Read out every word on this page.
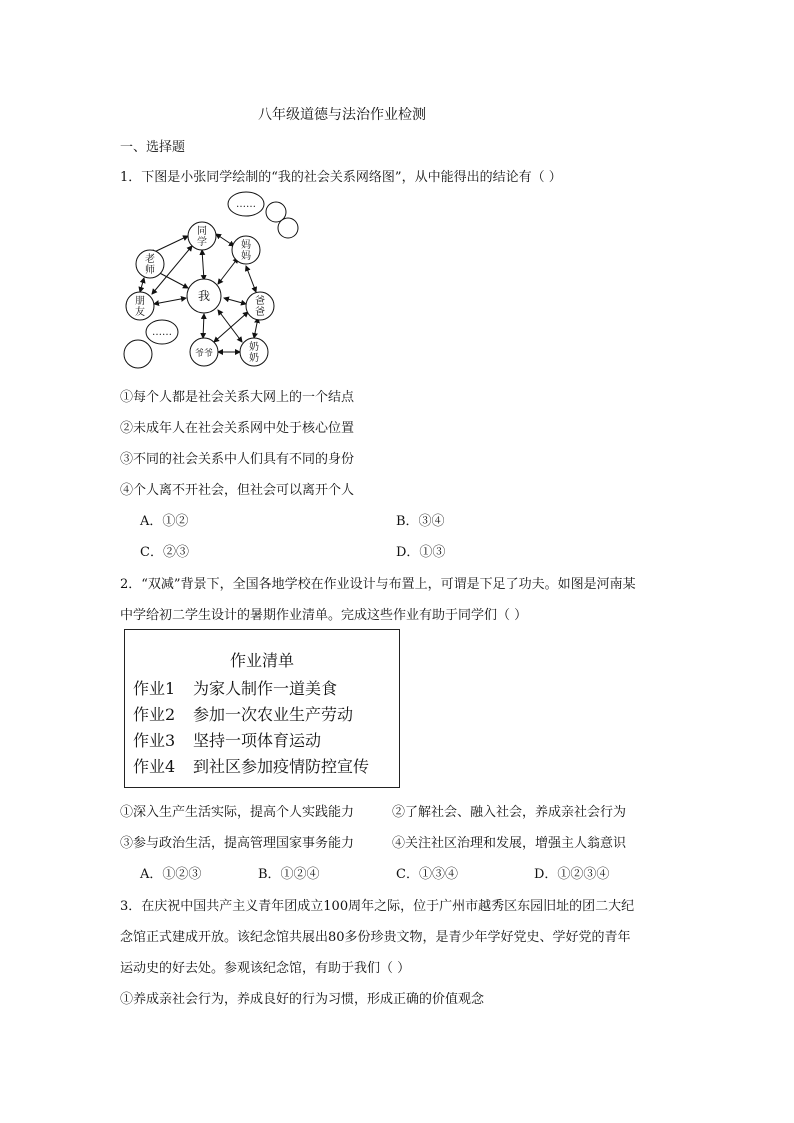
八年级道德与法治作业检测
一、选择题
1．下图是小张同学绘制的“我的社会关系网络图”，从中能得出的结论有（ ）
……
同
学
老
师
妈
妈
我
朋
友
爸
爸
……
爷爷
奶
奶
①每个人都是社会关系大网上的一个结点
②未成年人在社会关系网中处于核心位置
③不同的社会关系中人们具有不同的身份
④个人离不开社会，但社会可以离开个人
A．①②	B．③④
C．②③	D．①③
2．“双减”背景下，全国各地学校在作业设计与布置上，可谓是下足了功夫。如图是河南某
中学给初二学生设计的暑期作业清单。完成这些作业有助于同学们（ ）
作业清单
作业1 为家人制作一道美食
作业2 参加一次农业生产劳动
作业3 坚持一项体育运动
作业4 到社区参加疫情防控宣传
①深入生产生活实际，提高个人实践能力	②了解社会、融入社会，养成亲社会行为
③参与政治生活，提高管理国家事务能力	④关注社区治理和发展，增强主人翁意识
A．①②③	B．①②④	C．①③④	D．①②③④
3．在庆祝中国共产主义青年团成立100周年之际，位于广州市越秀区东园旧址的团二大纪
念馆正式建成开放。该纪念馆共展出80多份珍贵文物，是青少年学好党史、学好党的青年
运动史的好去处。参观该纪念馆，有助于我们（ ）
①养成亲社会行为，养成良好的行为习惯，形成正确的价值观念
